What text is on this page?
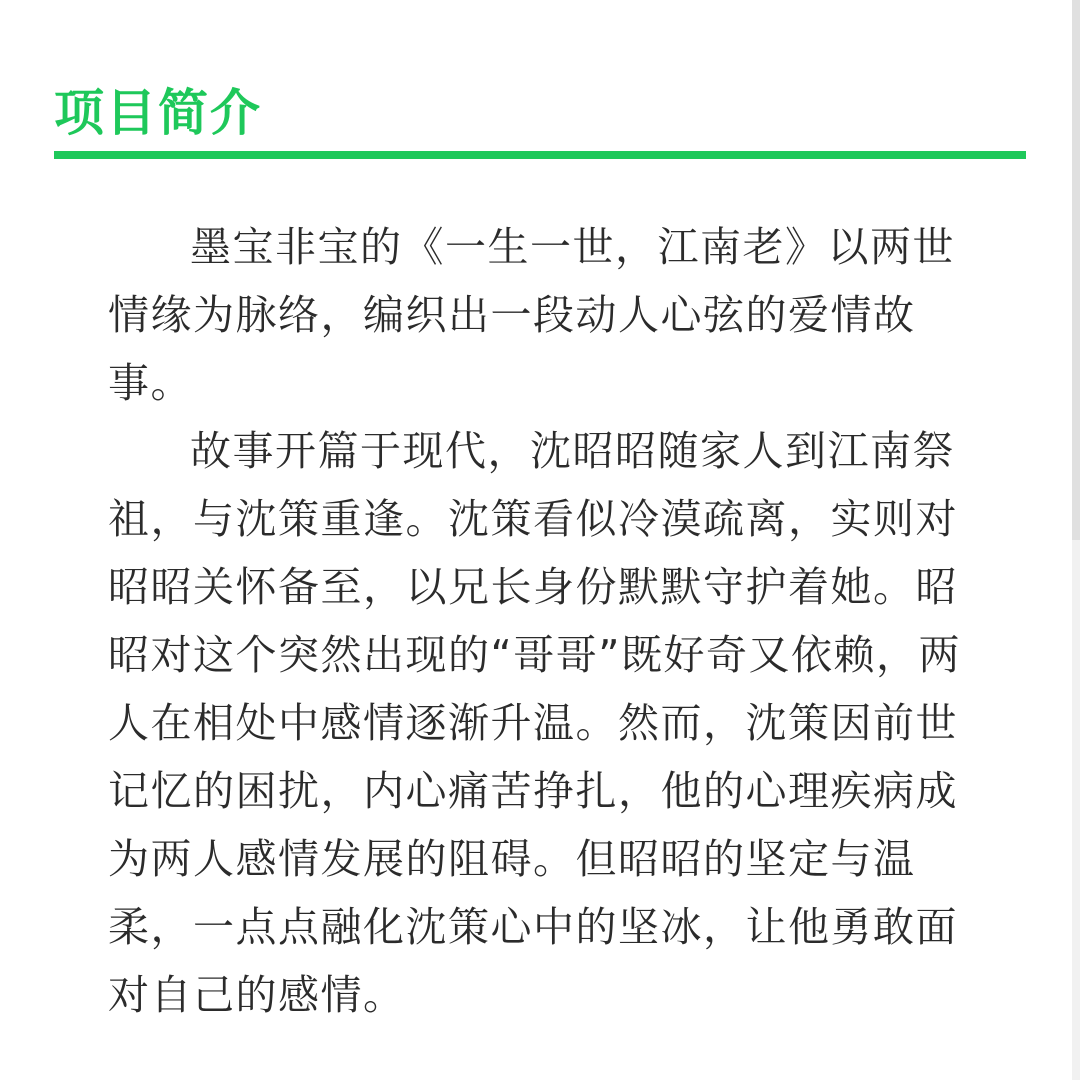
项目简介

墨宝非宝的《一生一世，江南老》以两世情缘为脉络，编织出一段动人心弦的爱情故事。

故事开篇于现代，沈昭昭随家人到江南祭祖，与沈策重逢。沈策看似冷漠疏离，实则对昭昭关怀备至，以兄长身份默默守护着她。昭昭对这个突然出现的“哥哥”既好奇又依赖，两人在相处中感情逐渐升温。然而，沈策因前世记忆的困扰，内心痛苦挣扎，他的心理疾病成为两人感情发展的阻碍。但昭昭的坚定与温柔，一点点融化沈策心中的坚冰，让他勇敢面对自己的感情。
